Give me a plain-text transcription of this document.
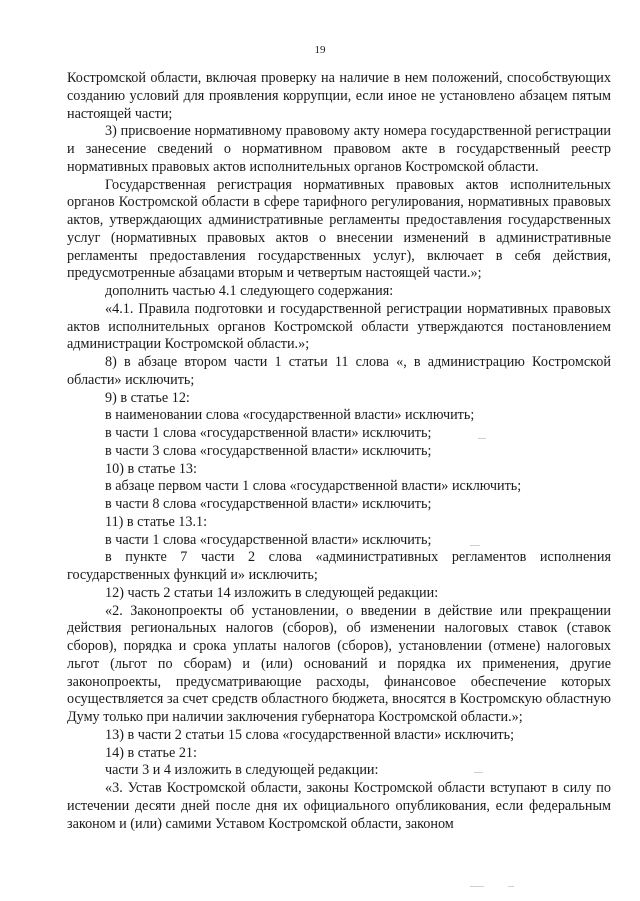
19

Костромской области, включая проверку на наличие в нем положений, способствующих созданию условий для проявления коррупции, если иное не установлено абзацем пятым настоящей части;

3) присвоение нормативному правовому акту номера государственной регистрации и занесение сведений о нормативном правовом акте в государственный реестр нормативных правовых актов исполнительных органов Костромской области.

Государственная регистрация нормативных правовых актов исполнительных органов Костромской области в сфере тарифного регулирования, нормативных правовых актов, утверждающих административные регламенты предоставления государственных услуг (нормативных правовых актов о внесении изменений в административные регламенты предоставления государственных услуг), включает в себя действия, предусмотренные абзацами вторым и четвертым настоящей части.»;

дополнить частью 4.1 следующего содержания:

«4.1. Правила подготовки и государственной регистрации нормативных правовых актов исполнительных органов Костромской области утверждаются постановлением администрации Костромской области.»;

8) в абзаце втором части 1 статьи 11 слова «, в администрацию Костромской области» исключить;

9) в статье 12:

в наименовании слова «государственной власти» исключить;

в части 1 слова «государственной власти» исключить;

в части 3 слова «государственной власти» исключить;

10) в статье 13:

в абзаце первом части 1 слова «государственной власти» исключить;

в части 8 слова «государственной власти» исключить;

11) в статье 13.1:

в части 1 слова «государственной власти» исключить;

в пункте 7 части 2 слова «административных регламентов исполнения государственных функций и» исключить;

12) часть 2 статьи 14 изложить в следующей редакции:

«2. Законопроекты об установлении, о введении в действие или прекращении действия региональных налогов (сборов), об изменении налоговых ставок (ставок сборов), порядка и срока уплаты налогов (сборов), установлении (отмене) налоговых льгот (льгот по сборам) и (или) оснований и порядка их применения, другие законопроекты, предусматривающие расходы, финансовое обеспечение которых осуществляется за счет средств областного бюджета, вносятся в Костромскую областную Думу только при наличии заключения губернатора Костромской области.»;

13) в части 2 статьи 15 слова «государственной власти» исключить;

14) в статье 21:

части 3 и 4 изложить в следующей редакции:

«3. Устав Костромской области, законы Костромской области вступают в силу по истечении десяти дней после дня их официального опубликования, если федеральным законом и (или) самими Уставом Костромской области, законом
